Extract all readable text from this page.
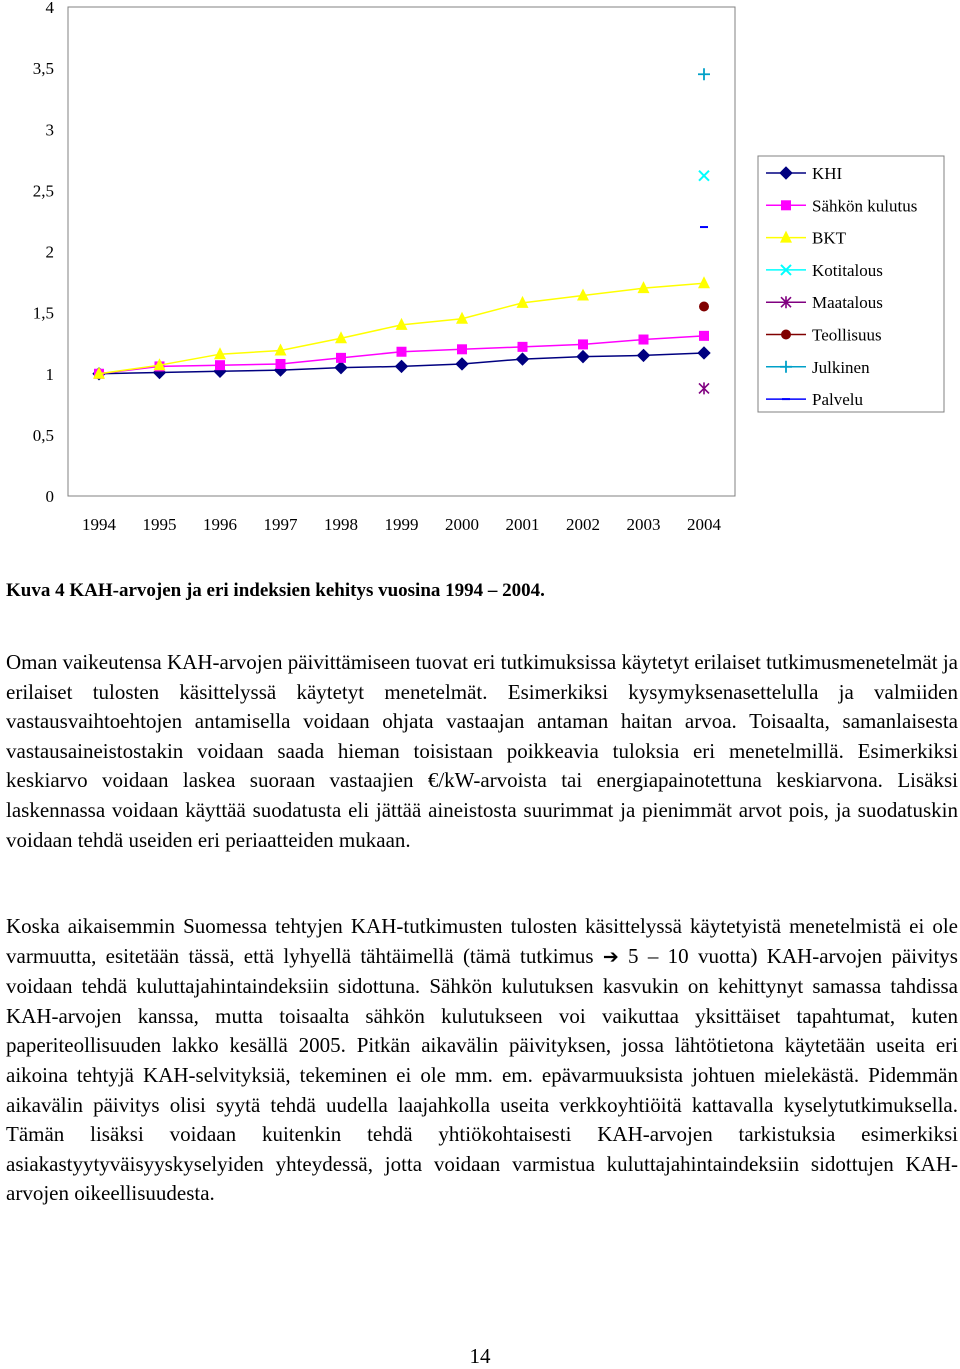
0
0,5
1
1,5
2
2,5
3
3,5
4
1994 1995 1996 1997 1998 1999 2000 2001 2002 2003 2004
KHI
Sähkön kulutus
BKT
Kotitalous
Maatalous
Teollisuus
Julkinen
Palvelu

Kuva 4 KAH-arvojen ja eri indeksien kehitys vuosina 1994 – 2004.

Oman vaikeutensa KAH-arvojen päivittämiseen tuovat eri tutkimuksissa käytetyt erilaiset tutkimusmenetelmät ja erilaiset tulosten käsittelyssä käytetyt menetelmät. Esimerkiksi kysymyksenasettelulla ja valmiiden vastausvaihtoehtojen antamisella voidaan ohjata vastaajan antaman haitan arvoa. Toisaalta, samanlaisesta vastausaineistostakin voidaan saada hieman toisistaan poikkeavia tuloksia eri menetelmillä. Esimerkiksi keskiarvo voidaan laskea suoraan vastaajien €/kW-arvoista tai energiapainotettuna keskiarvona. Lisäksi laskennassa voidaan käyttää suodatusta eli jättää aineistosta suurimmat ja pienimmät arvot pois, ja suodatuskin voidaan tehdä useiden eri periaatteiden mukaan.

Koska aikaisemmin Suomessa tehtyjen KAH-tutkimusten tulosten käsittelyssä käytetyistä menetelmistä ei ole varmuutta, esitetään tässä, että lyhyellä tähtäimellä (tämä tutkimus ➔ 5 – 10 vuotta) KAH-arvojen päivitys voidaan tehdä kuluttajahintaindeksiin sidottuna. Sähkön kulutuksen kasvukin on kehittynyt samassa tahdissa KAH-arvojen kanssa, mutta toisaalta sähkön kulutukseen voi vaikuttaa yksittäiset tapahtumat, kuten paperiteollisuuden lakko kesällä 2005. Pitkän aikavälin päivityksen, jossa lähtötietona käytetään useita eri aikoina tehtyjä KAH-selvityksiä, tekeminen ei ole mm. em. epävarmuuksista johtuen mielekästä. Pidemmän aikavälin päivitys olisi syytä tehdä uudella laajahkolla useita verkkoyhtiöitä kattavalla kyselytutkimuksella. Tämän lisäksi voidaan kuitenkin tehdä yhtiökohtaisesti KAH-arvojen tarkistuksia esimerkiksi asiakastyytyväisyyskyselyiden yhteydessä, jotta voidaan varmistua kuluttajahintaindeksiin sidottujen KAH-arvojen oikeellisuudesta.

14
